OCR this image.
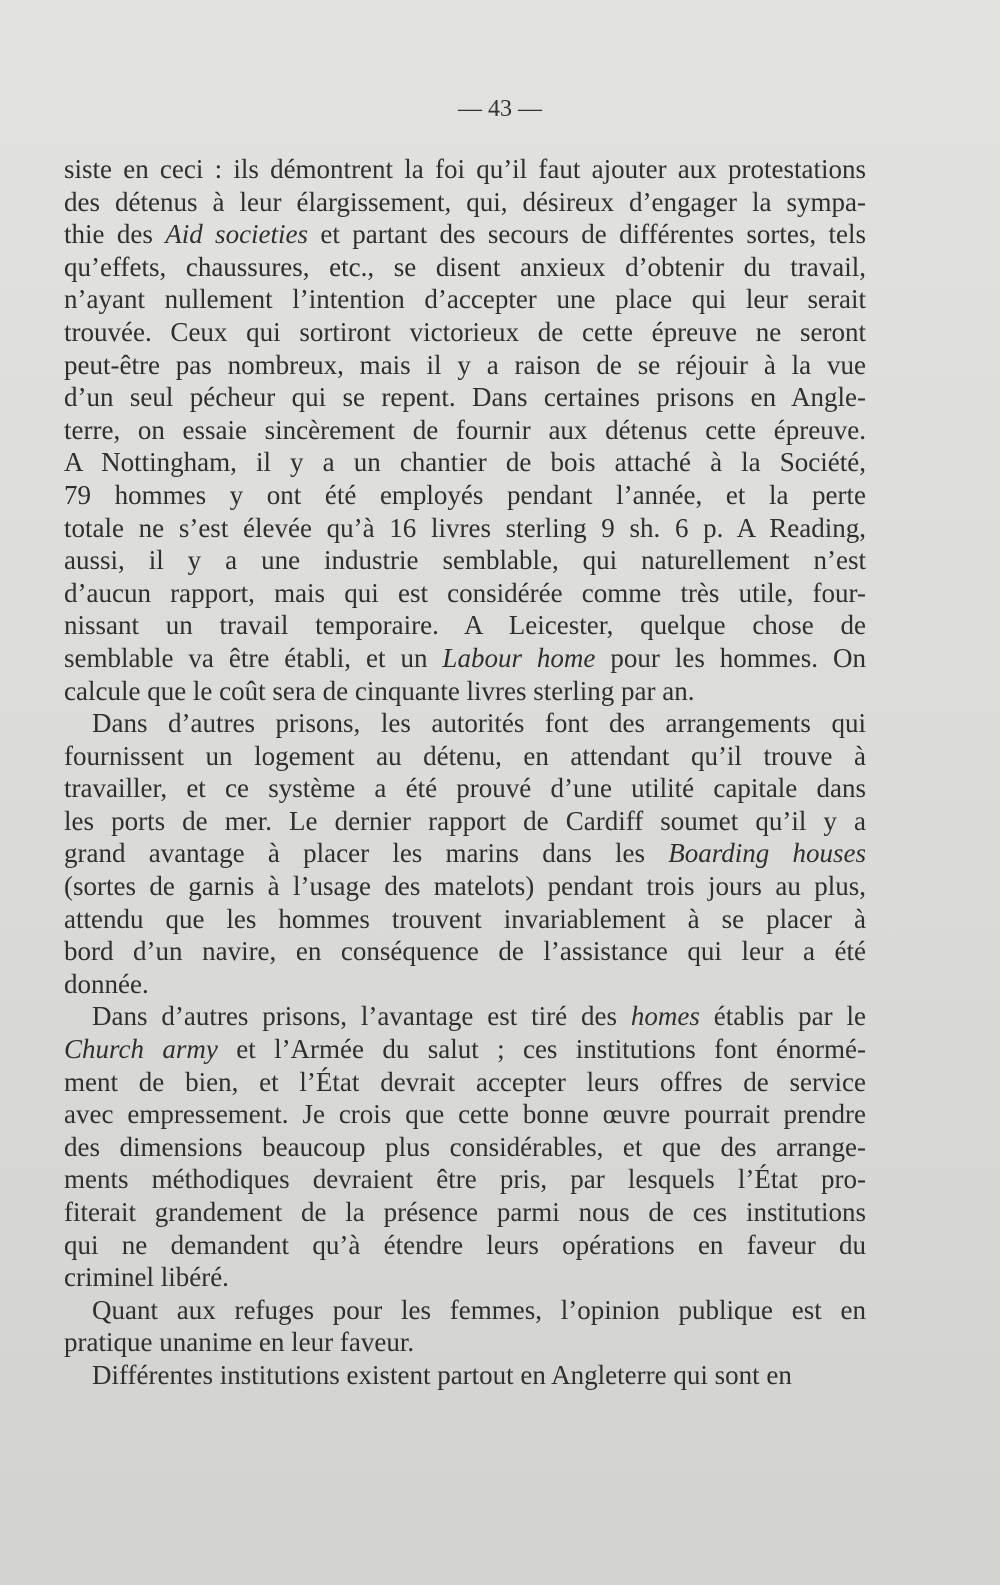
— 43 —
siste en ceci : ils démontrent la foi qu’il faut ajouter aux protestations
des détenus à leur élargissement, qui, désireux d’engager la sympa-
thie des Aid societies et partant des secours de différentes sortes, tels
qu’effets, chaussures, etc., se disent anxieux d’obtenir du travail,
n’ayant nullement l’intention d’accepter une place qui leur serait
trouvée. Ceux qui sortiront victorieux de cette épreuve ne seront
peut-être pas nombreux, mais il y a raison de se réjouir à la vue
d’un seul pécheur qui se repent. Dans certaines prisons en Angle-
terre, on essaie sincèrement de fournir aux détenus cette épreuve.
A Nottingham, il y a un chantier de bois attaché à la Société,
79 hommes y ont été employés pendant l’année, et la perte
totale ne s’est élevée qu’à 16 livres sterling 9 sh. 6 p. A Reading,
aussi, il y a une industrie semblable, qui naturellement n’est
d’aucun rapport, mais qui est considérée comme très utile, four-
nissant un travail temporaire. A Leicester, quelque chose de
semblable va être établi, et un Labour home pour les hommes. On
calcule que le coût sera de cinquante livres sterling par an.
Dans d’autres prisons, les autorités font des arrangements qui
fournissent un logement au détenu, en attendant qu’il trouve à
travailler, et ce système a été prouvé d’une utilité capitale dans
les ports de mer. Le dernier rapport de Cardiff soumet qu’il y a
grand avantage à placer les marins dans les Boarding houses
(sortes de garnis à l’usage des matelots) pendant trois jours au plus,
attendu que les hommes trouvent invariablement à se placer à
bord d’un navire, en conséquence de l’assistance qui leur a été
donnée.
Dans d’autres prisons, l’avantage est tiré des homes établis par le
Church army et l’Armée du salut ; ces institutions font énormé-
ment de bien, et l’État devrait accepter leurs offres de service
avec empressement. Je crois que cette bonne œuvre pourrait prendre
des dimensions beaucoup plus considérables, et que des arrange-
ments méthodiques devraient être pris, par lesquels l’État pro-
fiterait grandement de la présence parmi nous de ces institutions
qui ne demandent qu’à étendre leurs opérations en faveur du
criminel libéré.
Quant aux refuges pour les femmes, l’opinion publique est en
pratique unanime en leur faveur.
Différentes institutions existent partout en Angleterre qui sont en
